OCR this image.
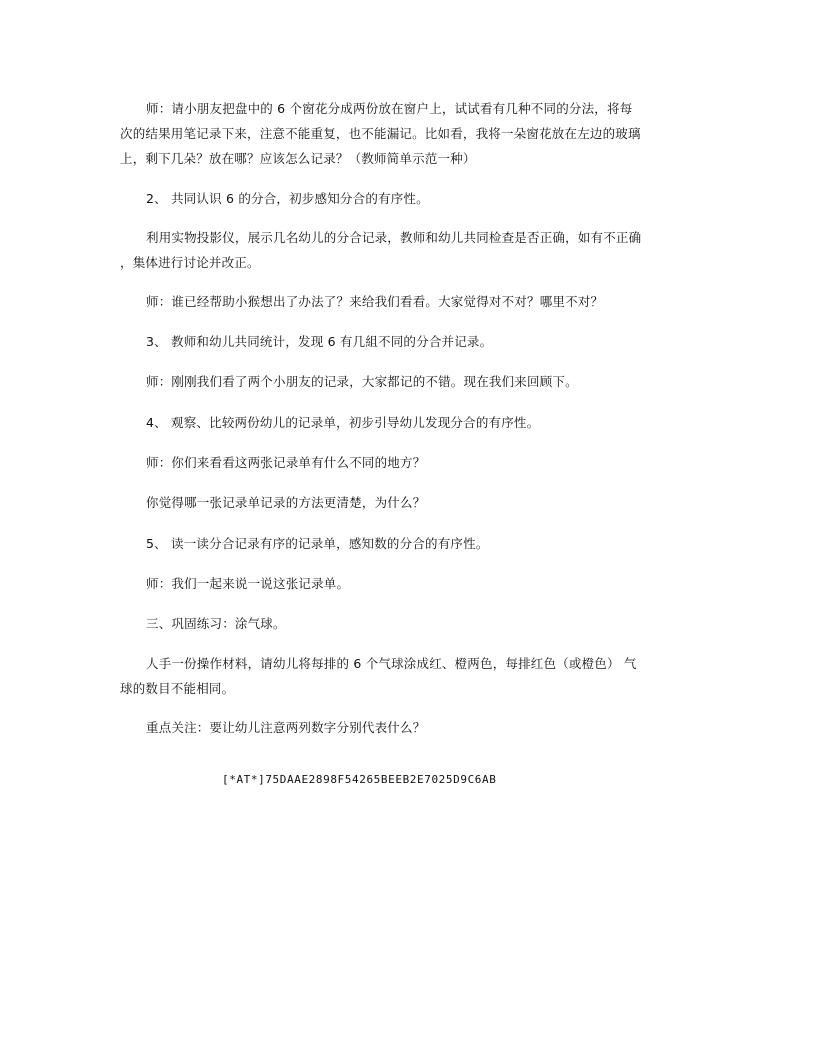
师：请小朋友把盘中的 6 个窗花分成两份放在窗户上，试试看有几种不同的分法，将每
次的结果用笔记录下来，注意不能重复，也不能漏记。比如看，我将一朵窗花放在左边的玻璃
上，剩下几朵？放在哪？应该怎么记录？（教师简单示范一种）
2、 共同认识 6 的分合，初步感知分合的有序性。
利用实物投影仪，展示几名幼儿的分合记录，教师和幼儿共同检查是否正确，如有不正确
，集体进行讨论并改正。
师：谁已经帮助小猴想出了办法了？来给我们看看。大家觉得对不对？哪里不对？
3、 教师和幼儿共同统计，发现 6 有几組不同的分合并记录。
师：刚刚我们看了两个小朋友的记录，大家都记的不错。现在我们来回顾下。
4、 观察、比较两份幼儿的记录单，初步引导幼儿发现分合的有序性。
师：你们来看看这两张记录单有什么不同的地方？
你觉得哪一张记录单记录的方法更清楚，为什么？
5、 读一读分合记录有序的记录单，感知数的分合的有序性。
师：我们一起来说一说这张记录单。
三、巩固练习：涂气球。
人手一份操作材料，请幼儿将每排的 6 个气球涂成红、橙两色，每排红色（或橙色） 气
球的数目不能相同。
重点关注：要让幼儿注意两列数字分别代表什么？
[*AT*]75DAAE2898F54265BEEB2E7025D9C6AB
